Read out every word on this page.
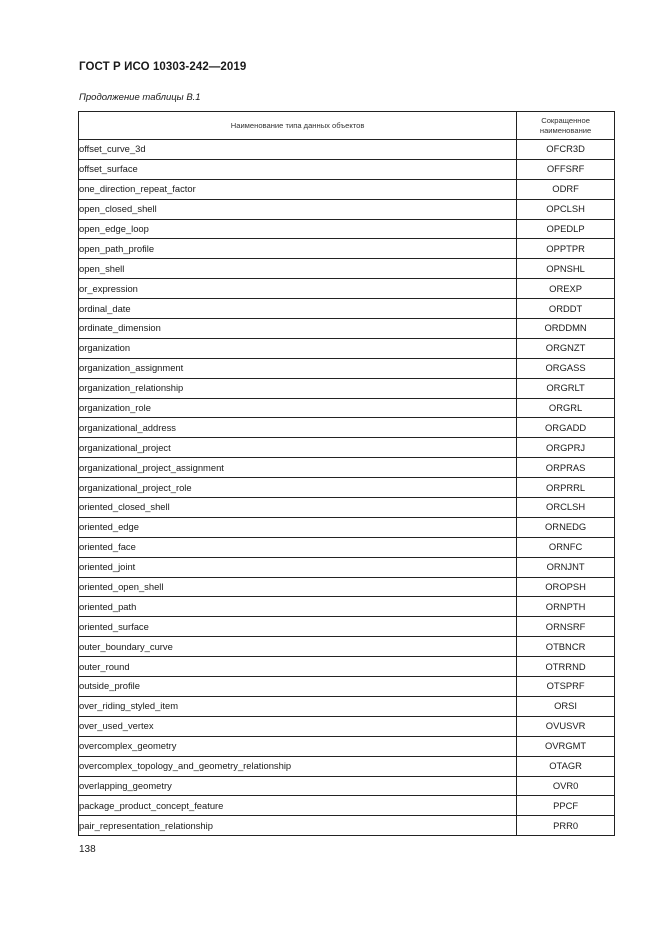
ГОСТ Р ИСО 10303-242—2019
Продолжение таблицы В.1
Наименование типа данных объектов	Сокращенное
наименование

offset_curve_3d	OFCR3D
offset_surface	OFFSRF
one_direction_repeat_factor	ODRF
open_closed_shell	OPCLSH
open_edge_loop	OPEDLP
open_path_profile	OPPTPR
open_shell	OPNSHL
or_expression	OREXP
ordinal_date	ORDDT
ordinate_dimension	ORDDMN
organization	ORGNZT
organization_assignment	ORGASS
organization_relationship	ORGRLT
organization_role	ORGRL
organizational_address	ORGADD
organizational_project	ORGPRJ
organizational_project_assignment	ORPRAS
organizational_project_role	ORPRRL
oriented_closed_shell	ORCLSH
oriented_edge	ORNEDG
oriented_face	ORNFC
oriented_joint	ORNJNT
oriented_open_shell	OROPSH
oriented_path	ORNPTH
oriented_surface	ORNSRF
outer_boundary_curve	OTBNCR
outer_round	OTRRND
outside_profile	OTSPRF
over_riding_styled_item	ORSI
over_used_vertex	OVUSVR
overcomplex_geometry	OVRGMT
overcomplex_topology_and_geometry_relationship	OTAGR
overlapping_geometry	OVR0
package_product_concept_feature	PPCF
pair_representation_relationship	PRR0
138
